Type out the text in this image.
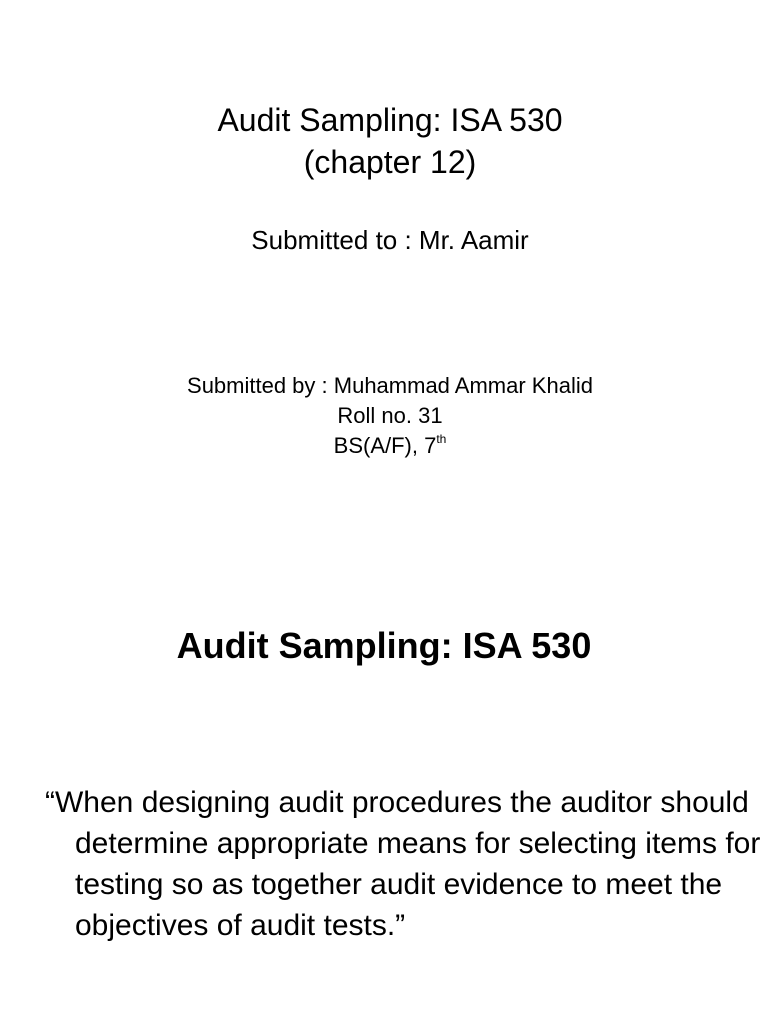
Audit Sampling: ISA 530
(chapter 12)
Submitted to : Mr. Aamir
Submitted by : Muhammad Ammar Khalid
Roll no. 31
BS(A/F), 7th
Audit Sampling: ISA 530

“When designing audit procedures the auditor should determine appropriate means for selecting items for testing so as together audit evidence to meet the objectives of audit tests.”
